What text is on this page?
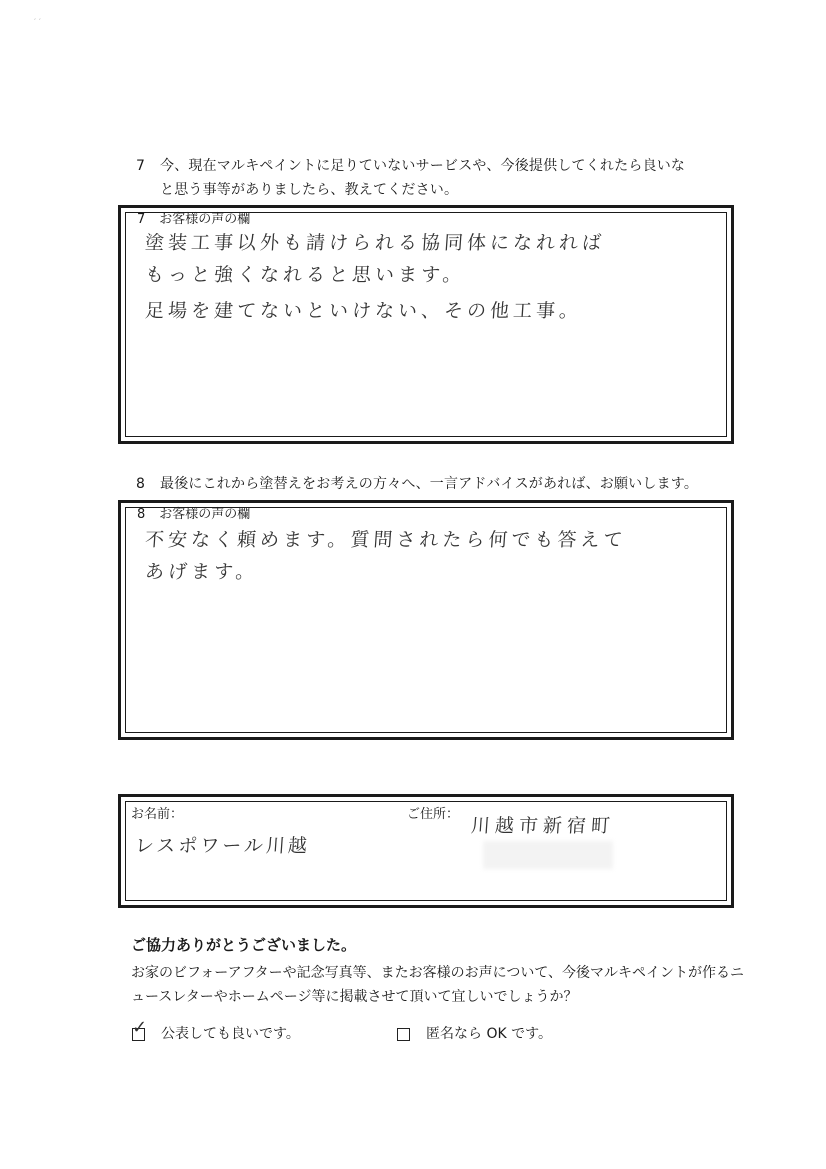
′ ′
7 今、現在マルキペイントに足りていないサービスや、今後提供してくれたら良いな
と思う事等がありましたら、教えてください。
7 お客様の声の欄
塗装工事以外も請けられる協同体になれれば
もっと強くなれると思います。
足場を建てないといけない、その他工事。
8 最後にこれから塗替えをお考えの方々へ、一言アドバイスがあれば、お願いします。
8 お客様の声の欄
不安なく頼めます。質問されたら何でも答えて
あげます。
お名前：
レスポワール川越
ご住所：
川越市新宿町
ご協力ありがとうございました。
お家のビフォーアフターや記念写真等、またお客様のお声について、今後マルキペイントが作るニュースレターやホームページ等に掲載させて頂いて宜しいでしょうか？
✓ 公表しても良いです。	匿名なら OK です。
